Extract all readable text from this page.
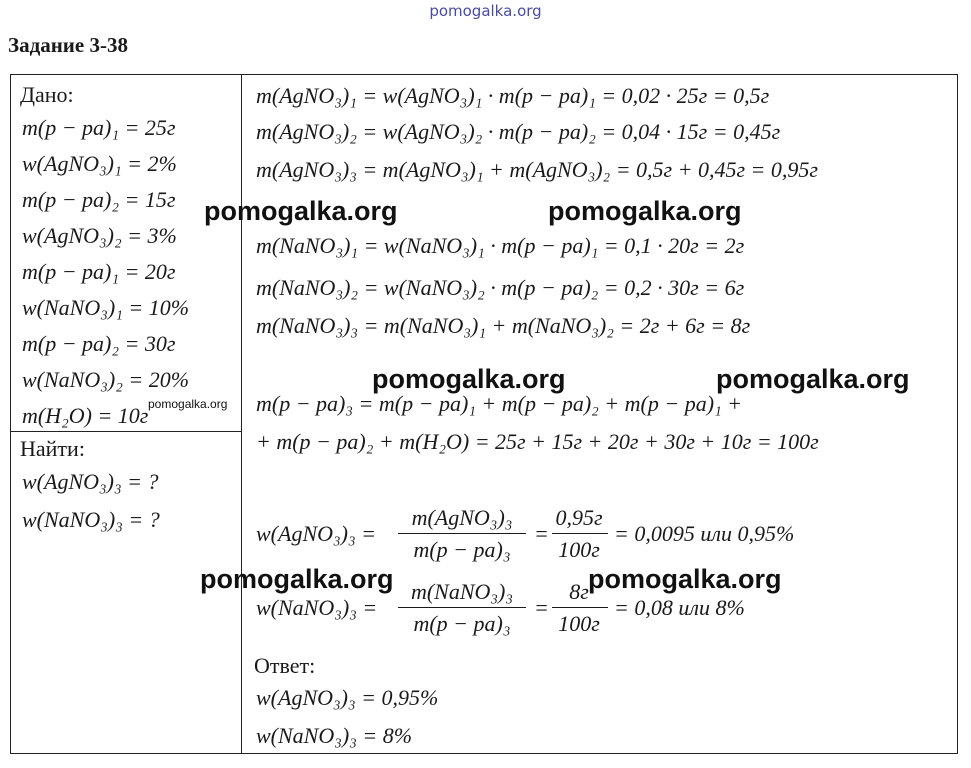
pomogalka.org
Задание 3-38
Дано:
m(p − pa)₁ = 25г
w(AgNO₃)₁ = 2%
m(p − pa)₂ = 15г
w(AgNO₃)₂ = 3%
m(p − pa)₁ = 20г
w(NaNO₃)₁ = 10%
m(p − pa)₂ = 30г
w(NaNO₃)₂ = 20%
m(H₂O) = 10г
Найти:
w(AgNO₃)₃ = ?
w(NaNO₃)₃ = ?
m(AgNO₃)₁ = w(AgNO₃)₁ · m(p − pa)₁ = 0,02 · 25г = 0,5г
m(AgNO₃)₂ = w(AgNO₃)₂ · m(p − pa)₂ = 0,04 · 15г = 0,45г
m(AgNO₃)₃ = m(AgNO₃)₁ + m(AgNO₃)₂ = 0,5г + 0,45г = 0,95г
m(NaNO₃)₁ = w(NaNO₃)₁ · m(p − pa)₁ = 0,1 · 20г = 2г
m(NaNO₃)₂ = w(NaNO₃)₂ · m(p − pa)₂ = 0,2 · 30г = 6г
m(NaNO₃)₃ = m(NaNO₃)₁ + m(NaNO₃)₂ = 2г + 6г = 8г
m(p − pa)₃ = m(p − pa)₁ + m(p − pa)₂ + m(p − pa)₁ +
+ m(p − pa)₂ + m(H₂O) = 25г + 15г + 20г + 30г + 10г = 100г
w(AgNO₃)₃ =
m(AgNO₃)₃
m(p − pa)₃
=
0,95г
100г
= 0,0095 или 0,95%
w(NaNO₃)₃ =
m(NaNO₃)₃
m(p − pa)₃
=
8г
100г
= 0,08 или 8%
Ответ:
w(AgNO₃)₃ = 0,95%
w(NaNO₃)₃ = 8%
pomogalka.org	pomogalka.org
pomogalka.org	pomogalka.org
pomogalka.org	pomogalka.org
pomogalka.org
